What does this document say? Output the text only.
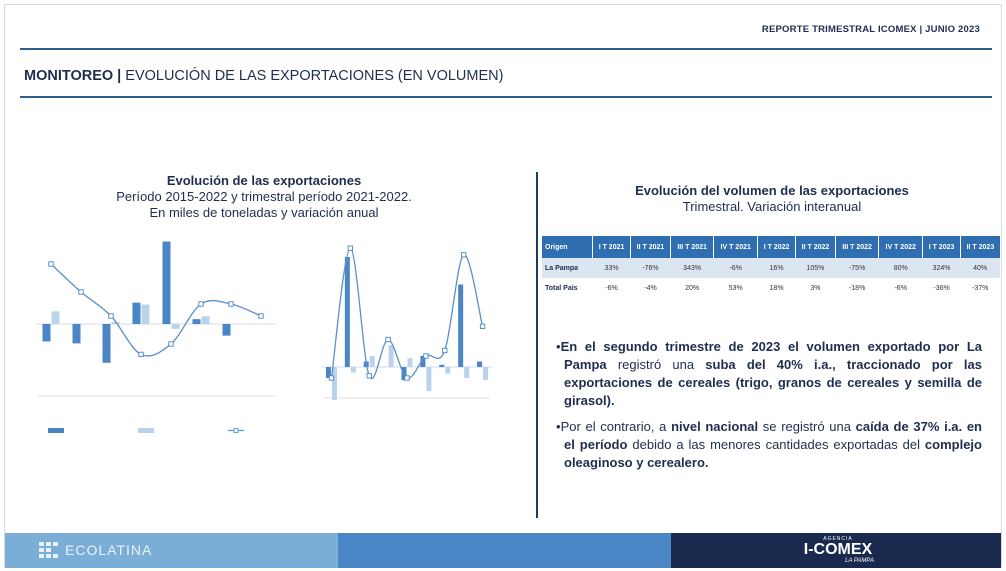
REPORTE TRIMESTRAL ICOMEX | JUNIO 2023
MONITOREO | EVOLUCIÓN DE LAS EXPORTACIONES (EN VOLUMEN)
Evolución de las exportaciones
Período 2015-2022 y trimestral período 2021-2022.
En miles de toneladas y variación anual
Evolución del volumen de las exportaciones
Trimestral. Variación interanual
Origen	I T 2021	II T 2021	III T 2021	IV T 2021	I T 2022	II T 2022	III T 2022	IV T 2022	I T 2023	II T 2023
La Pampa	33%	-76%	343%	-6%	16%	105%	-75%	80%	324%	40%
Total País	-6%	-4%	20%	53%	18%	3%	-18%	-6%	-36%	-37%

•En el segundo trimestre de 2023 el volumen exportado por La Pampa registró una suba del 40% i.a., traccionado por las exportaciones de cereales (trigo, granos de cereales y semilla de girasol).

•Por el contrario, a nivel nacional se registró una caída de 37% i.a. en el período debido a las menores cantidades exportadas del complejo oleaginoso y cerealero.

ECOLATINA
AGENCIA
I-COMEX
LA PAMPA
